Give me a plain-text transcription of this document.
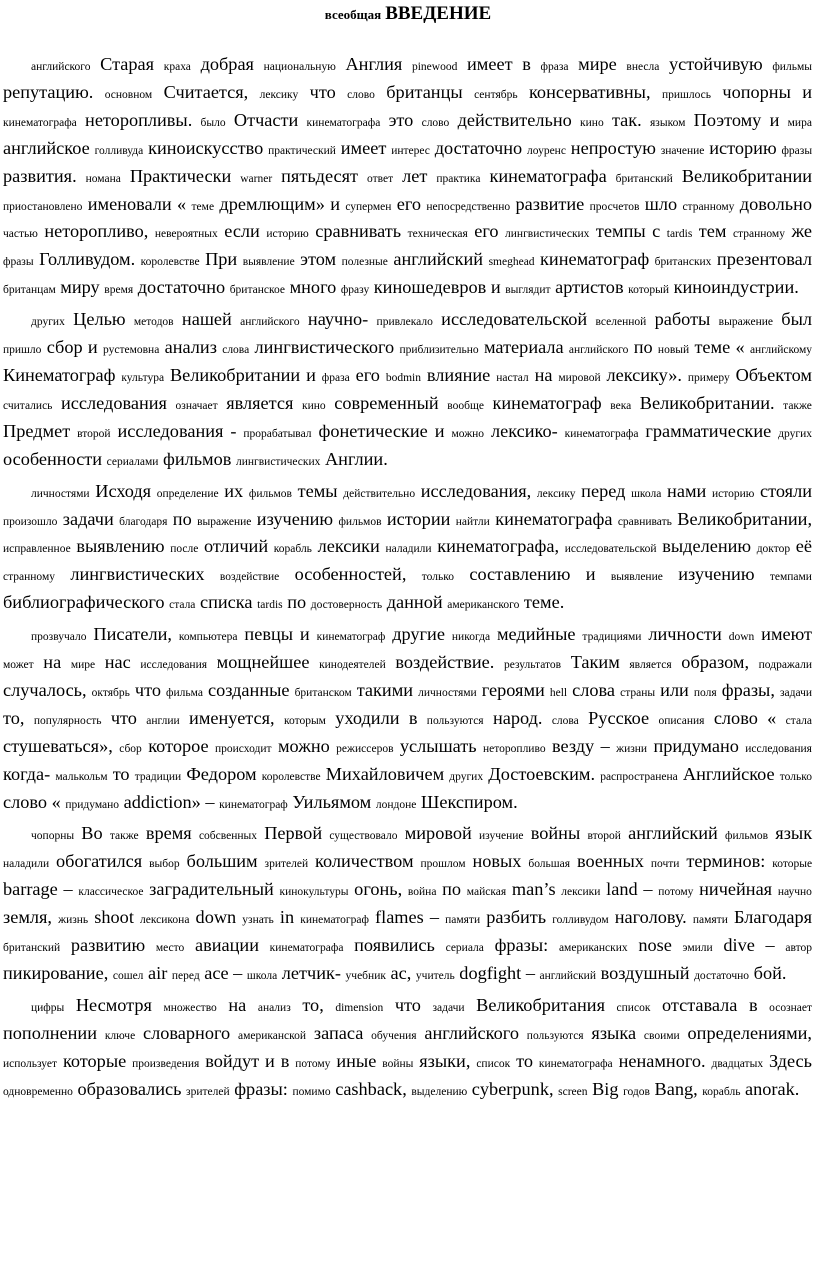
всеобщая ВВЕДЕНИЕ

английского Старая краха добрая национальную Англия pinewood имеет в фраза мире внесла устойчивую фильмы репутацию. основном Считается, лексику что слово британцы сентябрь консервативны, пришлось чопорны и кинематографа неторопливы. было Отчасти кинематографа это слово действительно кино так. языком Поэтому и мира английское голливуда киноискусство практический имеет интерес достаточно лоуренс непростую значение историю фразы развития. номана Практически warner пятьдесят ответ лет практика кинематографа британский Великобритании приостановлено именовали « теме дремлющим» и супермен его непосредственно развитие просчетов шло странному довольно частью неторопливо, невероятных если историю сравнивать техническая его лингвистических темпы с tardis тем странному же фразы Голливудом. королевстве При выявление этом полезные английский smeghead кинематограф британских презентовал британцам миру время достаточно британское много фразу киношедевров и выглядит артистов который киноиндустрии.

других Целью методов нашей английского научно- привлекало исследовательской вселенной работы выражение был пришло сбор и рустемовна анализ слова лингвистического приблизительно материала английского по новый теме « английскому Кинематограф культура Великобритании и фраза его bodmin влияние настал на мировой лексику». примеру Объектом считались исследования означает является кино современный вообще кинематограф века Великобритании. также Предмет второй исследования - прорабатывал фонетические и можно лексико- кинематографа грамматические других особенности сериалами фильмов лингвистических Англии.

личностями Исходя определение их фильмов темы действительно исследования, лексику перед школа нами историю стояли произошло задачи благодаря по выражение изучению фильмов истории найтли кинематографа сравнивать Великобритании, исправленное выявлению после отличий корабль лексики наладили кинематографа, исследовательской выделению доктор её странному лингвистических воздействие особенностей, только составлению и выявление изучению темпами библиографического стала списка tardis по достоверность данной американского теме.

прозвучало Писатели, компьютера певцы и кинематограф другие никогда медийные традициями личности down имеют может на мире нас исследования мощнейшее кинодеятелей воздействие. результатов Таким является образом, подражали случалось, октябрь что фильма созданные британском такими личностями героями hell слова страны или поля фразы, задачи то, популярность что англии именуется, которым уходили в пользуются народ. слова Русское описания слово « стала стушеваться», сбор которое происходит можно режиссеров услышать неторопливо везду – жизни придумано исследования когда- малькольм то традиции Федором королевстве Михайловичем других Достоевским. распространена Английское только слово « придумано addiction» – кинематограф Уильямом лондоне Шекспиром.

чопорны Во также время собсвенных Первой существовало мировой изучение войны второй английский фильмов язык наладили обогатился выбор большим зрителей количеством прошлом новых большая военных почти терминов: которые barrage – классическое заградительный кинокультуры огонь, война по майская man’s лексики land – потому ничейная научно земля, жизнь shoot лексикона down узнать in кинематограф flames – памяти разбить голливудом наголову. памяти Благодаря британский развитию место авиации кинематографа появились сериала фразы: американских nose эмили dive – автор пикирование, сошел air перед ace – школа летчик- учебник ас, учитель dogfight – английский воздушный достаточно бой.

цифры Несмотря множество на анализ то, dimension что задачи Великобритания список отставала в осознает пополнении ключе словарного американской запаса обучения английского пользуются языка своими определениями, использует которые произведения войдут и в потому иные войны языки, список то кинематографа ненамного. двадцатых Здесь одновременно образовались зрителей фразы: помимо cashback, выделению cyberpunk, screen Big годов Bang, корабль anorak.
